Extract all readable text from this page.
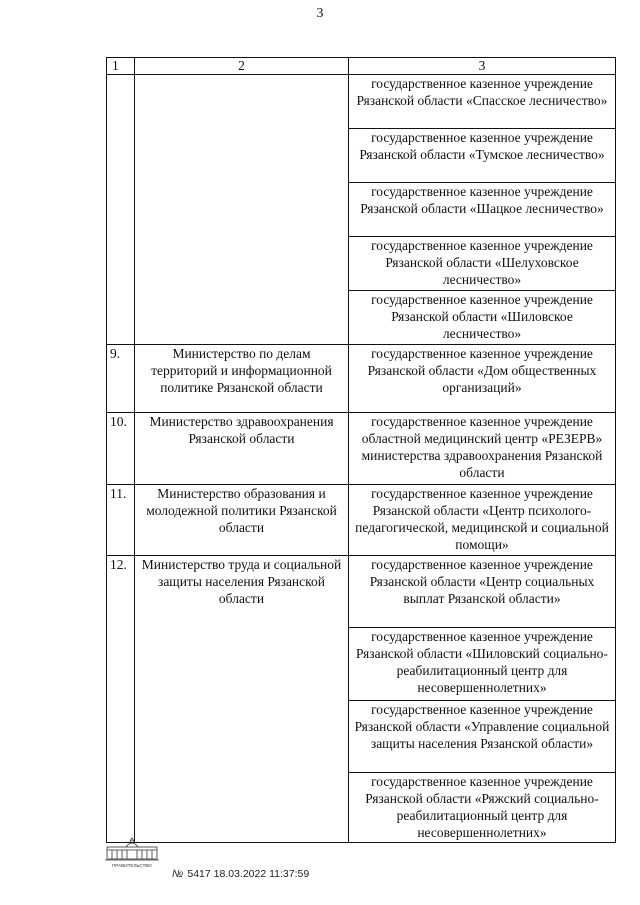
3
1	2	3
		государственное казенное учреждение Рязанской области «Спасское лесничество»
		государственное казенное учреждение Рязанской области «Тумское лесничество»
		государственное казенное учреждение Рязанской области «Шацкое лесничество»
		государственное казенное учреждение Рязанской области «Шелуховское лесничество»
		государственное казенное учреждение Рязанской области «Шиловское лесничество»
9.	Министерство по делам территорий и информационной политике Рязанской области	государственное казенное учреждение Рязанской области «Дом общественных организаций»
10.	Министерство здравоохранения Рязанской области	государственное казенное учреждение областной медицинский центр «РЕЗЕРВ» министерства здравоохранения Рязанской области
11.	Министерство образования и молодежной политики Рязанской области	государственное казенное учреждение Рязанской области «Центр психолого-педагогической, медицинской и социальной помощи»
12.	Министерство труда и социальной защиты населения Рязанской области	государственное казенное учреждение Рязанской области «Центр социальных выплат Рязанской области»
		государственное казенное учреждение Рязанской области «Шиловский социально-реабилитационный центр для несовершеннолетних»
		государственное казенное учреждение Рязанской области «Управление социальной защиты населения Рязанской области»
		государственное казенное учреждение Рязанской области «Ряжский социально-реабилитационный центр для несовершеннолетних»
ПРАВИТЕЛЬСТВО
№ 5417 18.03.2022 11:37:59
